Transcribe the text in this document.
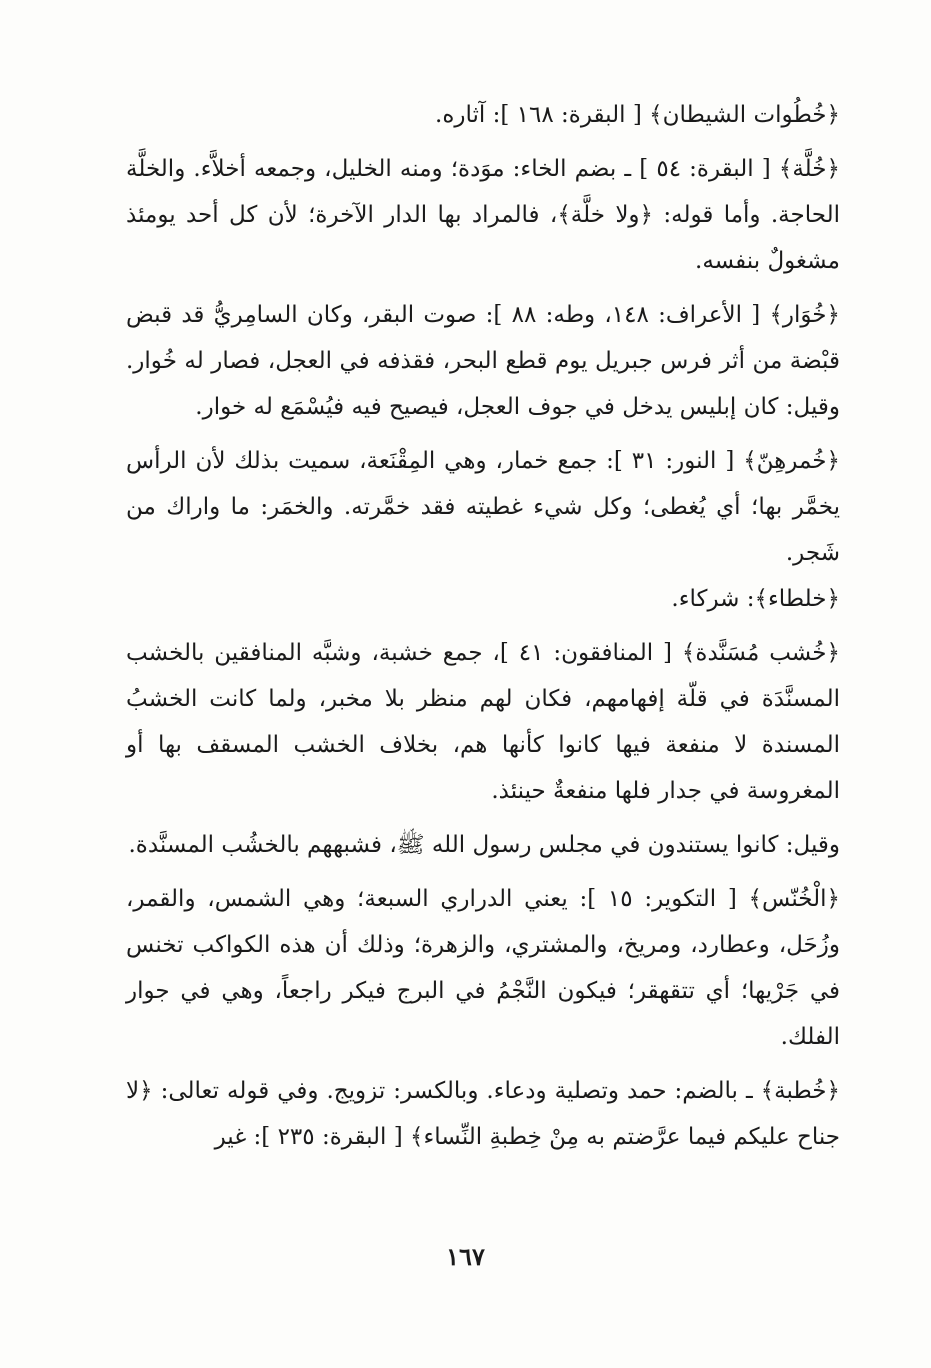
﴿خُطُوات الشيطان﴾ [ البقرة: ١٦٨ ]: آثاره.

﴿خُلَّة﴾ [ البقرة: ٥٤ ] ـ بضم الخاء: موَدة؛ ومنه الخليل، وجمعه أخلاَّء. والخلَّة الحاجة. وأما قوله: ﴿ولا خلَّة﴾، فالمراد بها الدار الآخرة؛ لأن كل أحد يومئذ مشغولٌ بنفسه.

﴿خُوَار﴾ [ الأعراف: ١٤٨، وطه: ٨٨ ]: صوت البقر، وكان السامِريُّ قد قبض قبْضة من أثر فرس جبريل يوم قطع البحر، فقذفه في العجل، فصار له خُوار. وقيل: كان إبليس يدخل في جوف العجل، فيصيح فيه فيُسْمَع له خوار.

﴿خُمرهِنّ﴾ [ النور: ٣١ ]: جمع خمار، وهي المِقْنَعة، سميت بذلك لأن الرأس يخمَّر بها؛ أي يُغطى؛ وكل شيء غطيته فقد خمَّرته. والخمَر: ما واراك من شَجر.

﴿خلطاء﴾: شركاء.

﴿خُشب مُسَنَّدة﴾ [ المنافقون: ٤١ ]، جمع خشبة، وشبَّه المنافقين بالخشب المسنَّدَة في قلّة إفهامهم، فكان لهم منظر بلا مخبر، ولما كانت الخشبُ المسندة لا منفعة فيها كانوا كأنها هم، بخلاف الخشب المسقف بها أو المغروسة في جدار فلها منفعةٌ حينئذ.

وقيل: كانوا يستندون في مجلس رسول الله ﷺ، فشبههم بالخشُب المسنَّدة.

﴿الْخُنّس﴾ [ التكوير: ١٥ ]: يعني الدراري السبعة؛ وهي الشمس، والقمر، وزُحَل، وعطارد، ومريخ، والمشتري، والزهرة؛ وذلك أن هذه الكواكب تخنس في جَرْيها؛ أي تتقهقر؛ فيكون النَّجْمُ في البرج فيكر راجعاً، وهي في جوار الفلك.

﴿خُطبة﴾ ـ بالضم: حمد وتصلية ودعاء. وبالكسر: تزويج. وفي قوله تعالى: ﴿لا جناح عليكم فيما عرَّضتم به مِنْ خِطبةِ النِّساء﴾ [ البقرة: ٢٣٥ ]: غير

١٦٧
